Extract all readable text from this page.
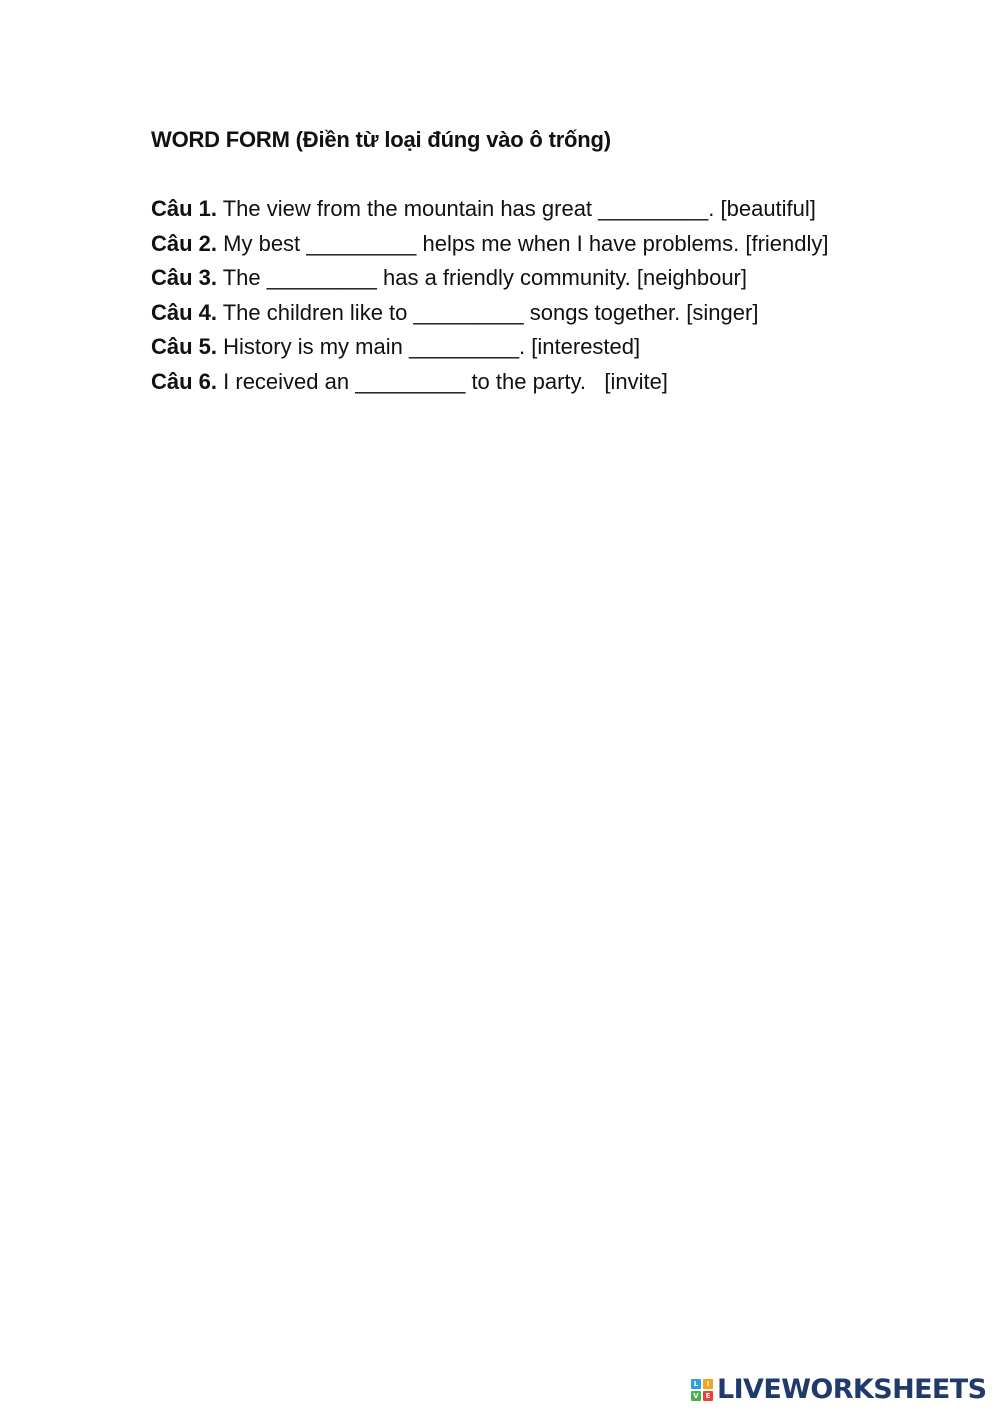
WORD FORM (Điền từ loại đúng vào ô trống)
Câu 1. The view from the mountain has great _________. [beautiful]
Câu 2. My best _________ helps me when I have problems. [friendly]
Câu 3. The _________ has a friendly community. [neighbour]
Câu 4. The children like to _________ songs together. [singer]
Câu 5. History is my main _________. [interested]
Câu 6. I received an _________ to the party.   [invite]
L	I
V E LIVEWORKSHEETS
